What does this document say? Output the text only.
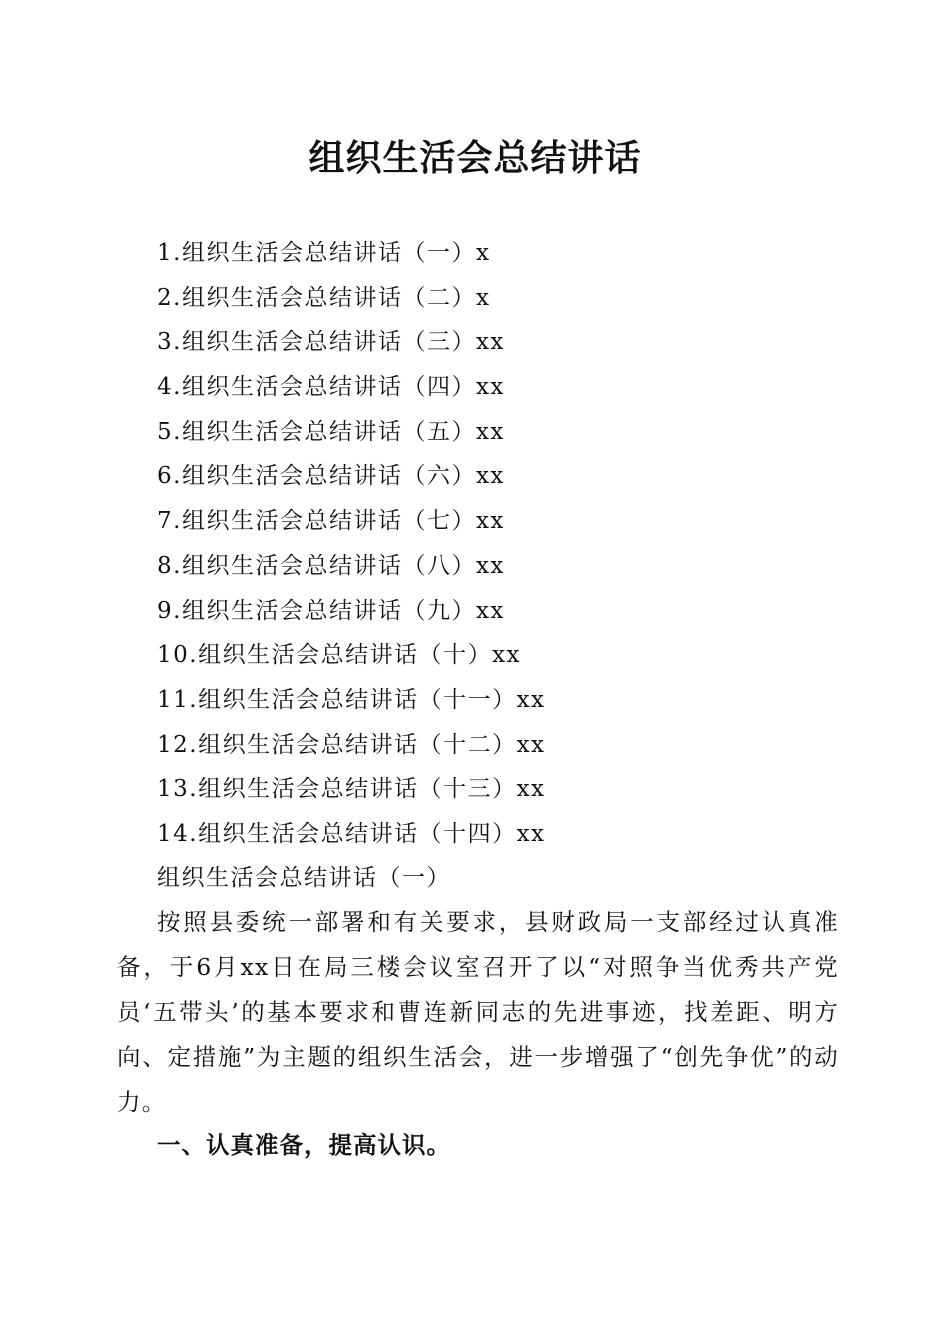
组织生活会总结讲话
1.组织生活会总结讲话（一）x
2.组织生活会总结讲话（二）x
3.组织生活会总结讲话（三）xx
4.组织生活会总结讲话（四）xx
5.组织生活会总结讲话（五）xx
6.组织生活会总结讲话（六）xx
7.组织生活会总结讲话（七）xx
8.组织生活会总结讲话（八）xx
9.组织生活会总结讲话（九）xx
10.组织生活会总结讲话（十）xx
11.组织生活会总结讲话（十一）xx
12.组织生活会总结讲话（十二）xx
13.组织生活会总结讲话（十三）xx
14.组织生活会总结讲话（十四）xx
组织生活会总结讲话（一）

按照县委统一部署和有关要求，县财政局一支部经过认真准备，于6月xx日在局三楼会议室召开了以“对照争当优秀共产党员‘五带头’的基本要求和曹连新同志的先进事迹，找差距、明方向、定措施”为主题的组织生活会，进一步增强了“创先争优”的动力。

一、认真准备，提高认识。
